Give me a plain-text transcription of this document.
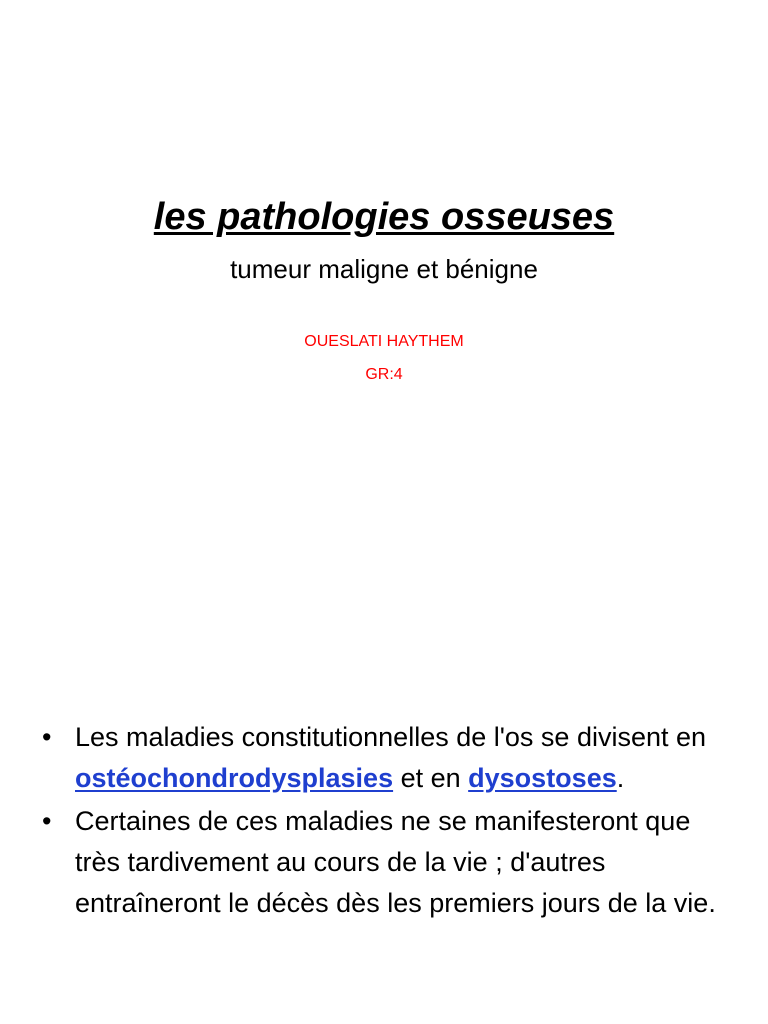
les pathologies osseuses
tumeur maligne et bénigne
OUESLATI HAYTHEM
GR:4
• Les maladies constitutionnelles de l'os se divisent en ostéochondrodysplasies et en dysostoses.
• Certaines de ces maladies ne se manifesteront que très tardivement au cours de la vie ; d'autres entraîneront le décès dès les premiers jours de la vie.
